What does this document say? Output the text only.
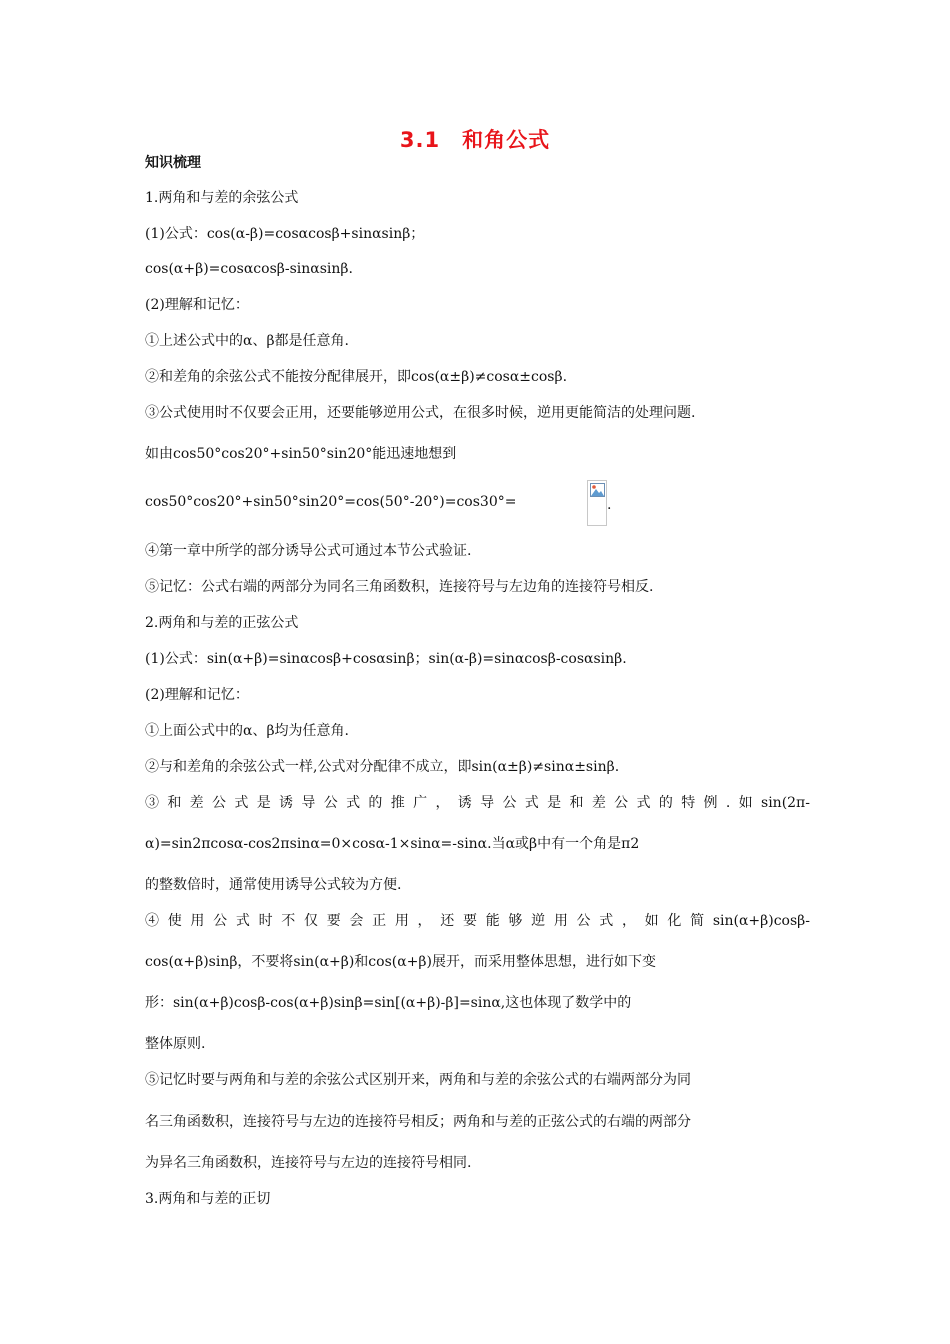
3.1　和角公式
知识梳理

1.两角和与差的余弦公式

(1)公式：cos(α-β)=cosαcosβ+sinαsinβ；

cos(α+β)=cosαcosβ-sinαsinβ.

(2)理解和记忆：

①上述公式中的α、β都是任意角.

②和差角的余弦公式不能按分配律展开，即cos(α±β)≠cosα±cosβ.

③公式使用时不仅要会正用，还要能够逆用公式，在很多时候，逆用更能简洁的处理问题.

如由cos50°cos20°+sin50°sin20°能迅速地想到

cos50°cos20°+sin50°sin20°=cos(50°-20°)=cos30°=	.

④第一章中所学的部分诱导公式可通过本节公式验证.

⑤记忆：公式右端的两部分为同名三角函数积，连接符号与左边角的连接符号相反.

2.两角和与差的正弦公式

(1)公式：sin(α+β)=sinαcosβ+cosαsinβ；sin(α-β)=sinαcosβ-cosαsinβ.

(2)理解和记忆：

①上面公式中的α、β均为任意角.

②与和差角的余弦公式一样,公式对分配律不成立，即sin(α±β)≠sinα±sinβ.

③和差公式是诱导公式的推广，诱导公式是和差公式的特例.如sin(2π-

α)=sin2πcosα-cos2πsinα=0×cosα-1×sinα=-sinα.当α或β中有一个角是π2

的整数倍时，通常使用诱导公式较为方便.

④使用公式时不仅要会正用，还要能够逆用公式，如化简sin(α+β)cosβ-

cos(α+β)sinβ，不要将sin(α+β)和cos(α+β)展开，而采用整体思想，进行如下变

形：sin(α+β)cosβ-cos(α+β)sinβ=sin[(α+β)-β]=sinα,这也体现了数学中的

整体原则.

⑤记忆时要与两角和与差的余弦公式区别开来，两角和与差的余弦公式的右端两部分为同

名三角函数积，连接符号与左边的连接符号相反；两角和与差的正弦公式的右端的两部分

为异名三角函数积，连接符号与左边的连接符号相同.

3.两角和与差的正切
